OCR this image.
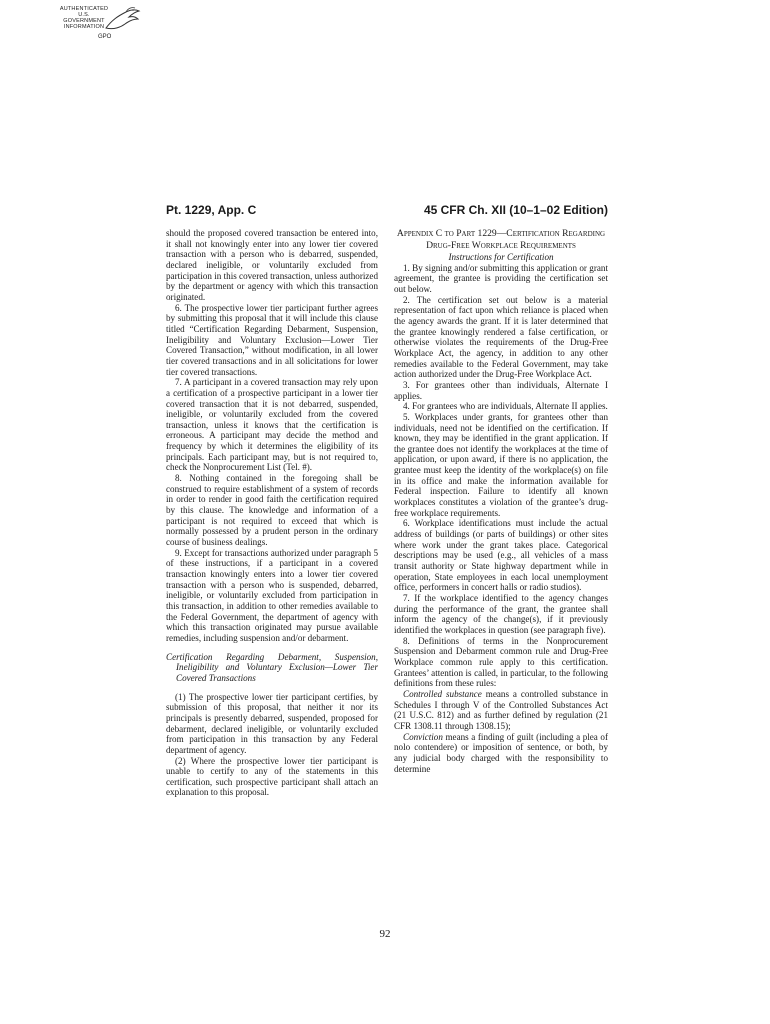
AUTHENTICATED
U.S. GOVERNMENT
INFORMATION
GPO
Pt. 1229, App. C	45 CFR Ch. XII (10–1–02 Edition)

should the proposed covered transaction be entered into, it shall not knowingly enter into any lower tier covered transaction with a person who is debarred, suspended, declared ineligible, or voluntarily excluded from participation in this covered transaction, unless authorized by the department or agency with which this transaction originated.

6. The prospective lower tier participant further agrees by submitting this proposal that it will include this clause titled “Certification Regarding Debarment, Suspension, Ineligibility and Voluntary Exclusion—Lower Tier Covered Transaction,” without modification, in all lower tier covered transactions and in all solicitations for lower tier covered transactions.

7. A participant in a covered transaction may rely upon a certification of a prospective participant in a lower tier covered transaction that it is not debarred, suspended, ineligible, or voluntarily excluded from the covered transaction, unless it knows that the certification is erroneous. A participant may decide the method and frequency by which it determines the eligibility of its principals. Each participant may, but is not required to, check the Nonprocurement List (Tel. #).

8. Nothing contained in the foregoing shall be construed to require establishment of a system of records in order to render in good faith the certification required by this clause. The knowledge and information of a participant is not required to exceed that which is normally possessed by a prudent person in the ordinary course of business dealings.

9. Except for transactions authorized under paragraph 5 of these instructions, if a participant in a covered transaction knowingly enters into a lower tier covered transaction with a person who is suspended, debarred, ineligible, or voluntarily excluded from participation in this transaction, in addition to other remedies available to the Federal Government, the department of agency with which this transaction originated may pursue available remedies, including suspension and/or debarment.

Certification Regarding Debarment, Suspension, Ineligibility and Voluntary Exclusion—Lower Tier Covered Transactions

(1) The prospective lower tier participant certifies, by submission of this proposal, that neither it nor its principals is presently debarred, suspended, proposed for debarment, declared ineligible, or voluntarily excluded from participation in this transaction by any Federal department of agency.

(2) Where the prospective lower tier participant is unable to certify to any of the statements in this certification, such prospective participant shall attach an explanation to this proposal.

Appendix C to Part 1229—Certification Regarding Drug-Free Workplace Requirements

Instructions for Certification

1. By signing and/or submitting this application or grant agreement, the grantee is providing the certification set out below.

2. The certification set out below is a material representation of fact upon which reliance is placed when the agency awards the grant. If it is later determined that the grantee knowingly rendered a false certification, or otherwise violates the requirements of the Drug-Free Workplace Act, the agency, in addition to any other remedies available to the Federal Government, may take action authorized under the Drug-Free Workplace Act.

3. For grantees other than individuals, Alternate I applies.

4. For grantees who are individuals, Alternate II applies.

5. Workplaces under grants, for grantees other than individuals, need not be identified on the certification. If known, they may be identified in the grant application. If the grantee does not identify the workplaces at the time of application, or upon award, if there is no application, the grantee must keep the identity of the workplace(s) on file in its office and make the information available for Federal inspection. Failure to identify all known workplaces constitutes a violation of the grantee’s drug-free workplace requirements.

6. Workplace identifications must include the actual address of buildings (or parts of buildings) or other sites where work under the grant takes place. Categorical descriptions may be used (e.g., all vehicles of a mass transit authority or State highway department while in operation, State employees in each local unemployment office, performers in concert halls or radio studios).

7. If the workplace identified to the agency changes during the performance of the grant, the grantee shall inform the agency of the change(s), if it previously identified the workplaces in question (see paragraph five).

8. Definitions of terms in the Nonprocurement Suspension and Debarment common rule and Drug-Free Workplace common rule apply to this certification. Grantees’ attention is called, in particular, to the following definitions from these rules:

Controlled substance means a controlled substance in Schedules I through V of the Controlled Substances Act (21 U.S.C. 812) and as further defined by regulation (21 CFR 1308.11 through 1308.15);

Conviction means a finding of guilt (including a plea of nolo contendere) or imposition of sentence, or both, by any judicial body charged with the responsibility to determine

92
